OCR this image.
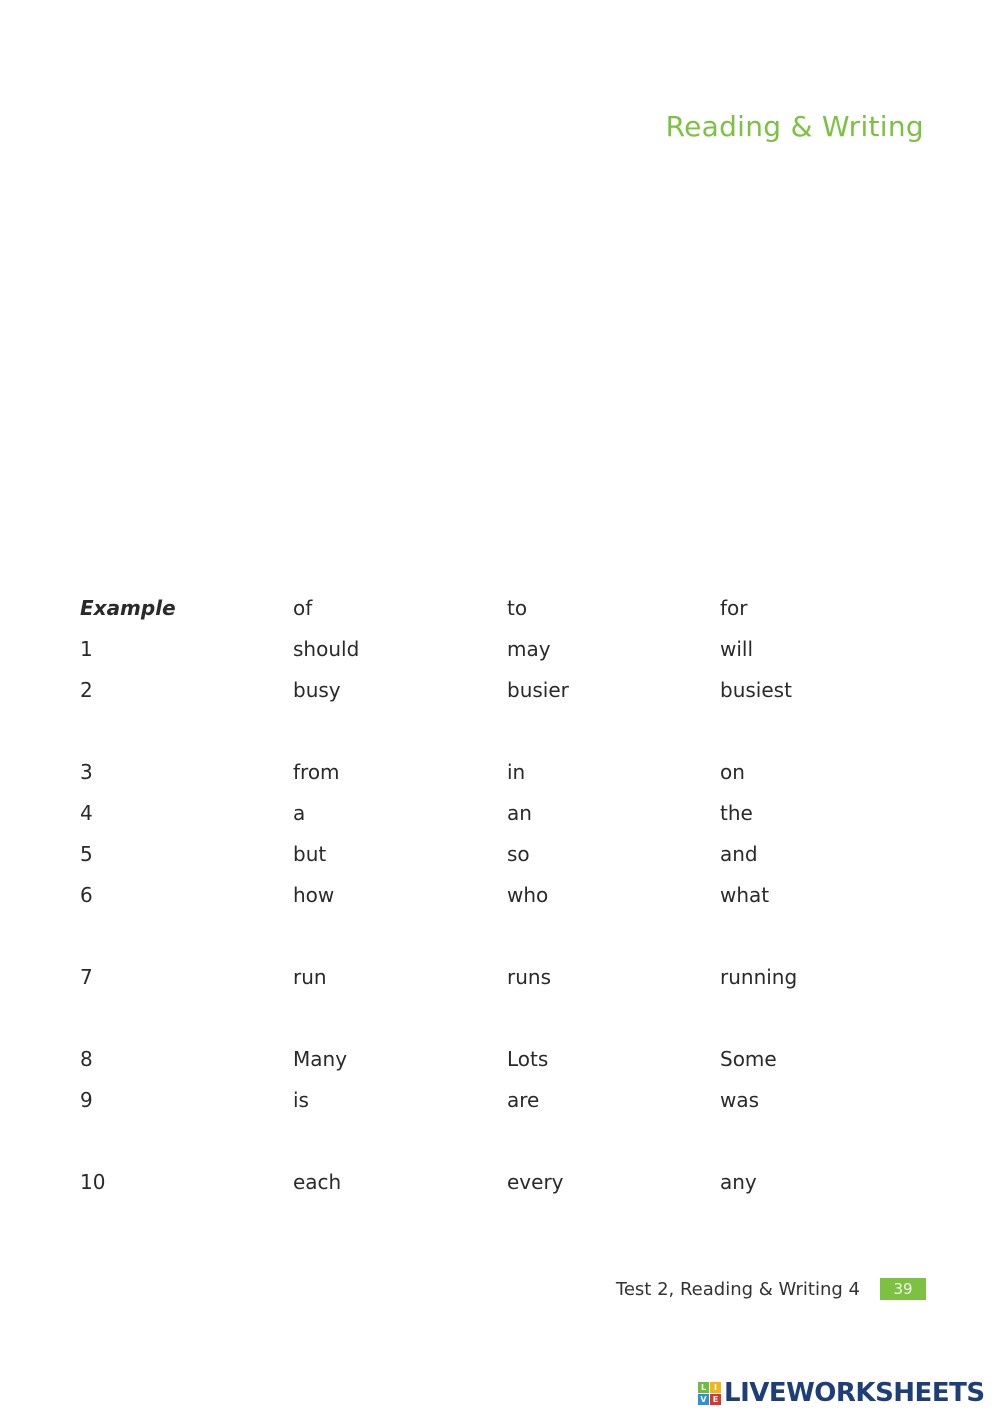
Reading & Writing
Example	of	to	for
1	should	may	will
2	busy	busier	busiest
3	from	in	on
4	a	an	the
5	but	so	and
6	how	who	what
7	run	runs	running
8	Many	Lots	Some
9	is	are	was
10	each	every	any
Test 2, Reading & Writing 4	39
L I
V E LIVEWORKSHEETS
